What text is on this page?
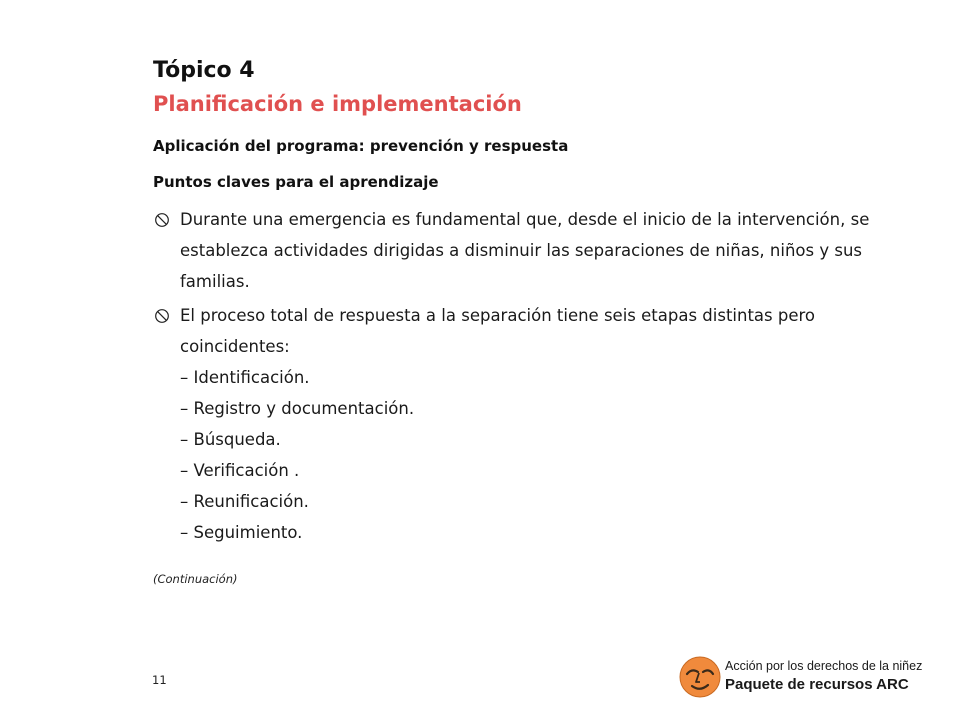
Tópico 4
Planificación e implementación
Aplicación del programa: prevención y respuesta
Puntos claves para el aprendizaje
Durante una emergencia es fundamental que, desde el inicio de la intervención, se establezca actividades dirigidas a disminuir las separaciones de niñas, niños y sus familias.
El proceso total de respuesta a la separación tiene seis etapas distintas pero coincidentes:
– Identificación.
– Registro y documentación.
– Búsqueda.
– Verificación .
– Reunificación.
– Seguimiento.
(Continuación)
11
Acción por los derechos de la niñez
Paquete de recursos ARC
